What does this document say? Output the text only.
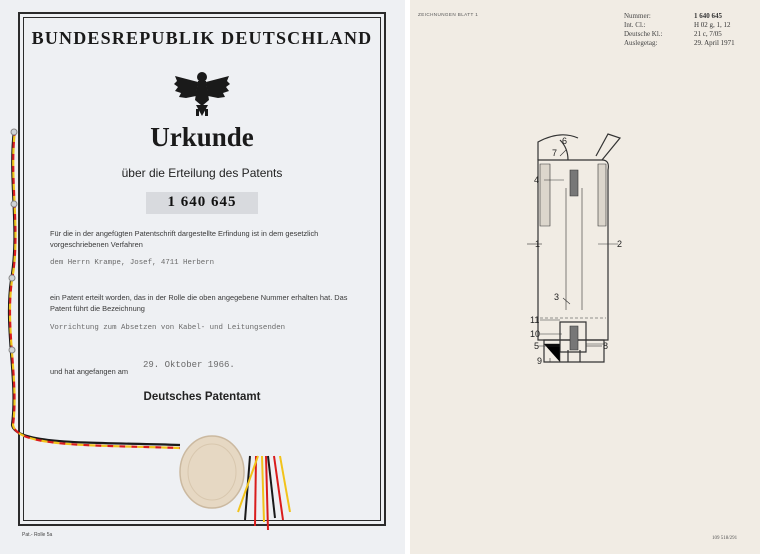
BUNDESREPUBLIK DEUTSCHLAND
Urkunde
über die Erteilung des Patents
1 640 645
Für die in der angefügten Patentschrift dargestellte Erfindung ist in dem gesetzlich vorgeschriebenen Verfahren
dem Herrn Krampe, Josef, 4711 Herbern
ein Patent erteilt worden, das in der Rolle die oben angegebene Nummer erhalten hat. Das Patent führt die Bezeichnung
Vorrichtung zum Absetzen von Kabel- und Leitungsenden
und hat angefangen am
29. Oktober 1966.
Deutsches Patentamt
Pat.- Rolle 5a
ZEICHNUNGEN BLATT 1	Nummer:	1 640 645
Int. Cl.:	H 02 g, 1, 12
Deutsche Kl.:	21 c, 7/05
Auslegetag:	29. April 1971
6
7
4
1	2
3
11
10
5
9
8
109 518/291
